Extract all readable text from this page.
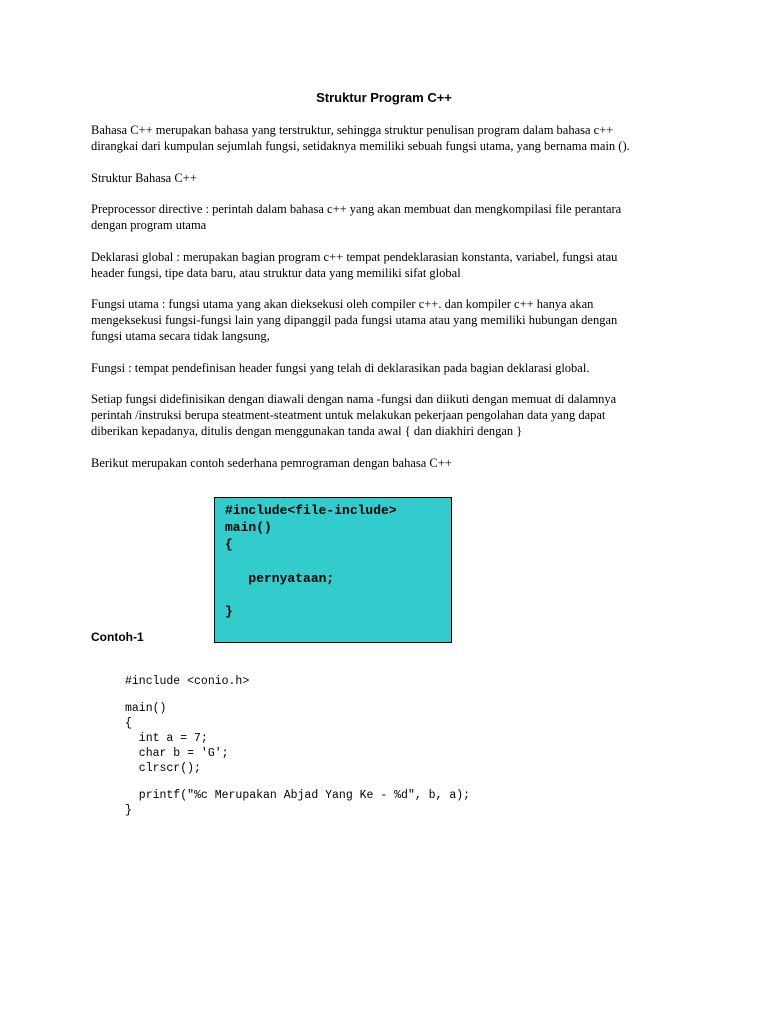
Struktur Program C++

Bahasa C++ merupakan bahasa yang terstruktur, sehingga struktur penulisan program dalam bahasa c++
dirangkai dari kumpulan sejumlah fungsi, setidaknya memiliki sebuah fungsi utama, yang bernama main ().

Struktur Bahasa C++

Preprocessor directive : perintah dalam bahasa c++ yang akan membuat dan mengkompilasi file perantara
dengan program utama

Deklarasi global : merupakan bagian program c++ tempat pendeklarasian konstanta, variabel, fungsi atau
header fungsi, tipe data baru, atau struktur data yang memiliki sifat global

Fungsi utama : fungsi utama yang akan dieksekusi oleh compiler c++. dan kompiler c++ hanya akan
mengeksekusi fungsi-fungsi lain yang dipanggil pada fungsi utama atau yang memiliki hubungan dengan
fungsi utama secara tidak langsung,

Fungsi : tempat pendefinisan header fungsi yang telah di deklarasikan pada bagian deklarasi global.

Setiap fungsi didefinisikan dengan diawali dengan nama -fungsi dan diikuti dengan memuat di dalamnya
perintah /instruksi berupa steatment-steatment untuk melakukan pekerjaan pengolahan data yang dapat
diberikan kepadanya, ditulis dengan menggunakan tanda awal { dan diakhiri dengan }

Berikut merupakan contoh sederhana pemrograman dengan bahasa C++

#include<file-include>
main()
{
pernyataan;
}
Contoh-1
#include <conio.h>
main()
{
int a = 7;
char b = 'G';
clrscr();
printf("%c Merupakan Abjad Yang Ke - %d", b, a);
}
